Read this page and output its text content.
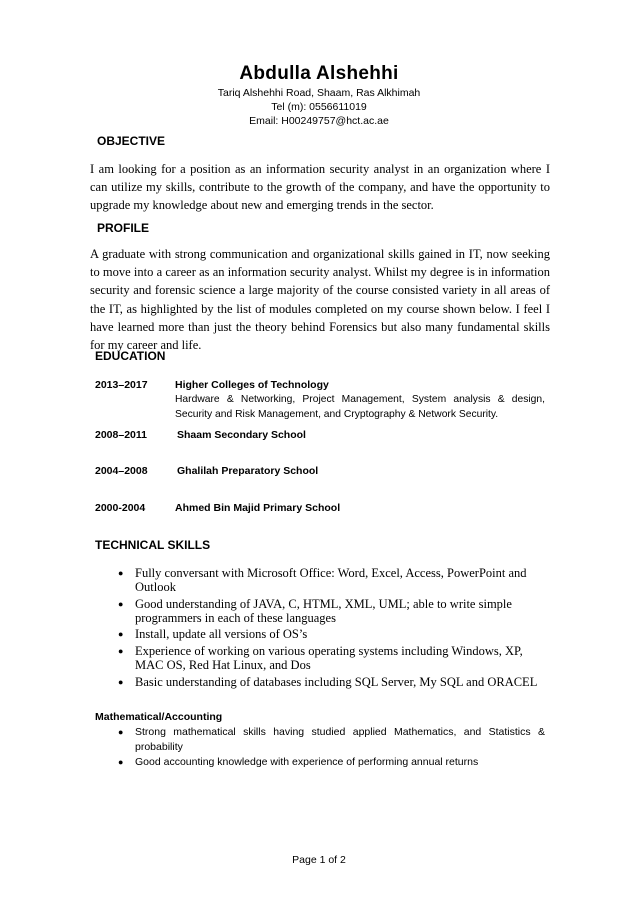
Abdulla Alshehhi
Tariq Alshehhi Road, Shaam, Ras Alkhimah
Tel (m): 0556611019
Email: H00249757@hct.ac.ae
OBJECTIVE
I am looking for a position as an information security analyst in an organization where I can utilize my skills, contribute to the growth of the company, and have the opportunity to upgrade my knowledge about new and emerging trends in the sector.
PROFILE
A graduate with strong communication and organizational skills gained in IT, now seeking to move into a career as an information security analyst. Whilst my degree is in information security and forensic science a large majority of the course consisted variety in all areas of the IT, as highlighted by the list of modules completed on my course shown below. I feel I have learned more than just the theory behind Forensics but also many fundamental skills for my career and life.
EDUCATION
2013–2017	Higher Colleges of Technology
Hardware & Networking, Project Management, System analysis & design, Security and Risk Management, and Cryptography & Network Security.
2008–2011	Shaam Secondary School
2004–2008	Ghalilah Preparatory School
2000-2004	Ahmed Bin Majid Primary School
TECHNICAL SKILLS
● Fully conversant with Microsoft Office: Word, Excel, Access, PowerPoint and Outlook
● Good understanding of JAVA, C, HTML, XML, UML; able to write simple programmers in each of these languages
● Install, update all versions of OS’s
● Experience of working on various operating systems including Windows, XP, MAC OS, Red Hat Linux, and Dos
● Basic understanding of databases including SQL Server, My SQL and ORACEL
Mathematical/Accounting
● Strong mathematical skills having studied applied Mathematics, and Statistics & probability
● Good accounting knowledge with experience of performing annual returns
Page 1 of 2
